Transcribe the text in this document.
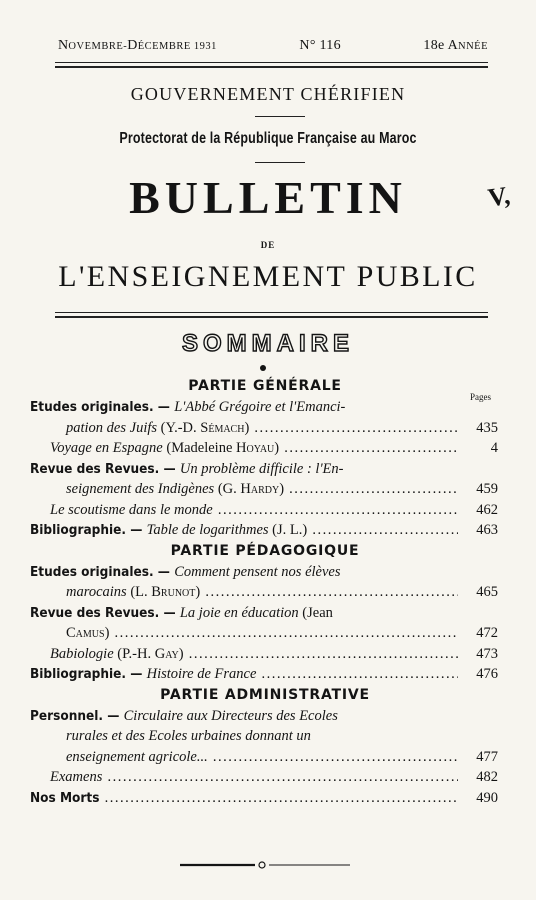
NOVEMBRE-DÉCEMBRE 1931	N° 116	18e ANNÉE
GOUVERNEMENT CHÉRIFIEN
Protectorat de la République Française au Maroc
BULLETIN
DE
L'ENSEIGNEMENT PUBLIC
V,
SOMMAIRE
Pages
PARTIE GÉNÉRALE
Etudes originales. — L'Abbé Grégoire et l'Emanci-
pation des Juifs (Y.-D. Sémach) .....	435
Voyage en Espagne (Madeleine Hoyau) .....	4
Revue des Revues. — Un problème difficile : l'En-
seignement des Indigènes (G. Hardy) .....	459
Le scoutisme dans le monde .....	462
Bibliographie. — Table de logarithmes (J. L.) .....	463
PARTIE PÉDAGOGIQUE
Etudes originales. — Comment pensent nos élèves
marocains (L. Brunot) .....	465
Revue des Revues. — La joie en éducation (Jean
Camus) .....	472
Babiologie (P.-H. Gay) .....	473
Bibliographie. — Histoire de France .....	476
PARTIE ADMINISTRATIVE
Personnel. — Circulaire aux Directeurs des Ecoles
rurales et des Ecoles urbaines donnant un
enseignement agricole... .....	477
Examens .....	482
Nos Morts .....	490
